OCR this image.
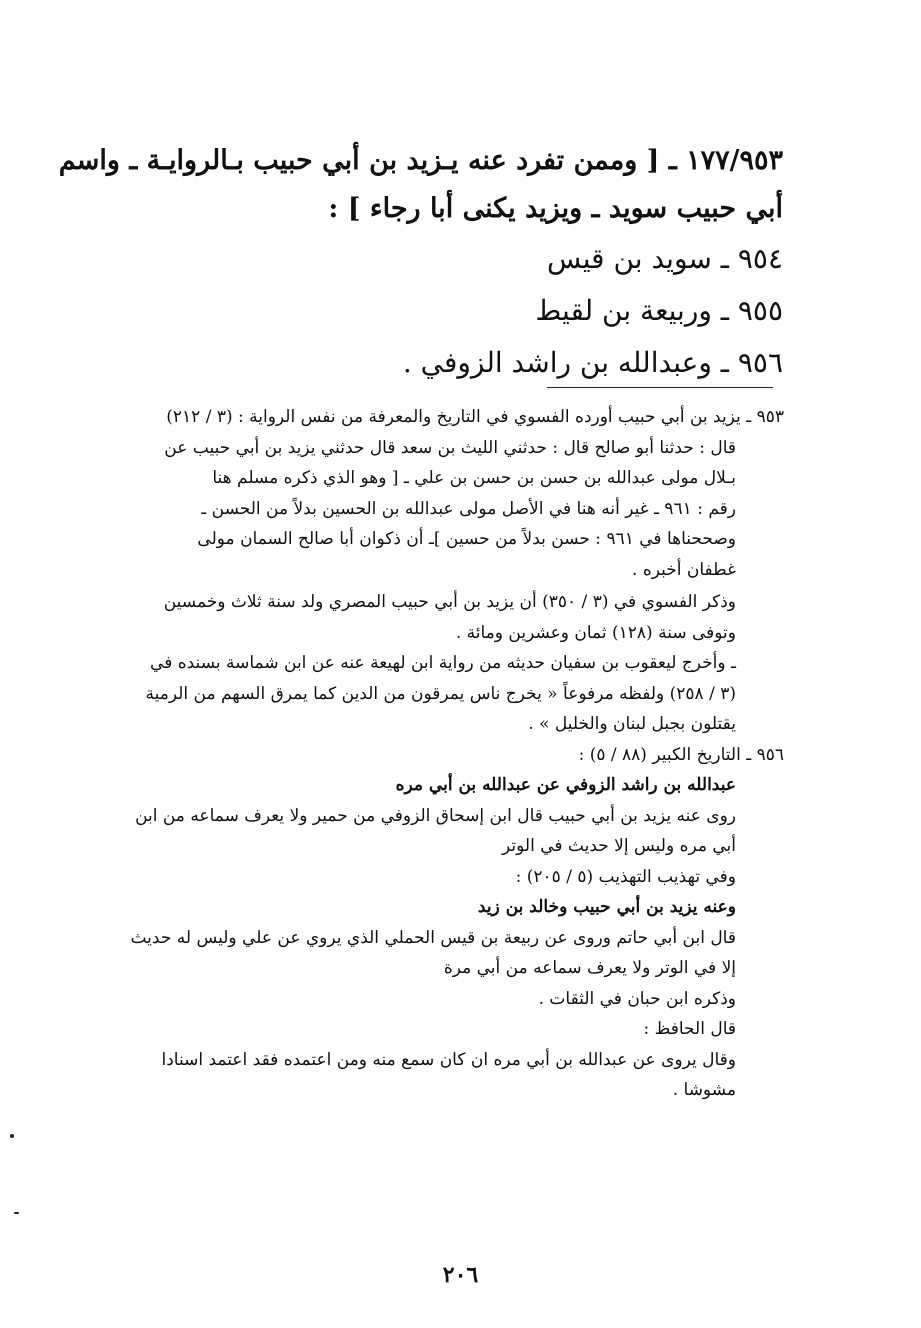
١٧٧/٩٥٣ ـ [ وممن تفرد عنه يـزيد بن أبي حبيب بـالروايـة ـ واسم
أبي حبيب سويد ـ ويزيد يكنى أبا رجاء ] :
٩٥٤ ـ سويد بن قيس
٩٥٥ ـ وربيعة بن لقيط
٩٥٦ ـ وعبدالله بن راشد الزوفي .
٩٥٣ ـ يزيد بن أبي حبيب أورده الفسوي في التاريخ والمعرفة من نفس الرواية : (٣ / ٢١٢)
قال : حدثنا أبو صالح قال : حدثني الليث بن سعد قال حدثني يزيد بن أبي حبيب عن
بـلال مولى عبدالله بن حسن بن حسن بن علي ـ [ وهو الذي ذكره مسلم هنا
رقم : ٩٦١ ـ غير أنه هنا في الأصل مولى عبدالله بن الحسين بدلاً من الحسن ـ
وصححناها في ٩٦١ : حسن بدلاً من حسين ]ـ أن ذكوان أبا صالح السمان مولى
غطفان أخبره .
وذكر الفسوي في (٣ / ٣٥٠) أن يزيد بن أبي حبيب المصري ولد سنة ثلاث وخمسين
وتوفى سنة (١٢٨) ثمان وعشرين ومائة .
ـ وأخرج ليعقوب بن سفيان حديثه من رواية ابن لهيعة عنه عن ابن شماسة بسنده في
(٣ / ٢٥٨) ولفظه مرفوعاً « يخرج ناس يمرقون من الدين كما يمرق السهم من الرمية
يقتلون بجبل لبنان والخليل » .
٩٥٦ ـ التاريخ الكبير (٨٨ / ٥) :
عبدالله بن راشد الزوفي عن عبدالله بن أبي مره
روى عنه يزيد بن أبي حبيب قال ابن إسحاق الزوفي من حمير ولا يعرف سماعه من ابن
أبي مره وليس إلا حديث في الوتر
وفي تهذيب التهذيب (٥ / ٢٠٥) :
وعنه يزيد بن أبي حبيب وخالد بن زيد
قال ابن أبي حاتم وروى عن ربيعة بن قيس الحملي الذي يروي عن علي وليس له حديث
إلا في الوتر ولا يعرف سماعه من أبي مرة
وذكره ابن حبان في الثقات .
قال الحافظ :
وقال يروى عن عبدالله بن أبي مره ان كان سمع منه ومن اعتمده فقد اعتمد اسنادا
مشوشا .
٢٠٦
